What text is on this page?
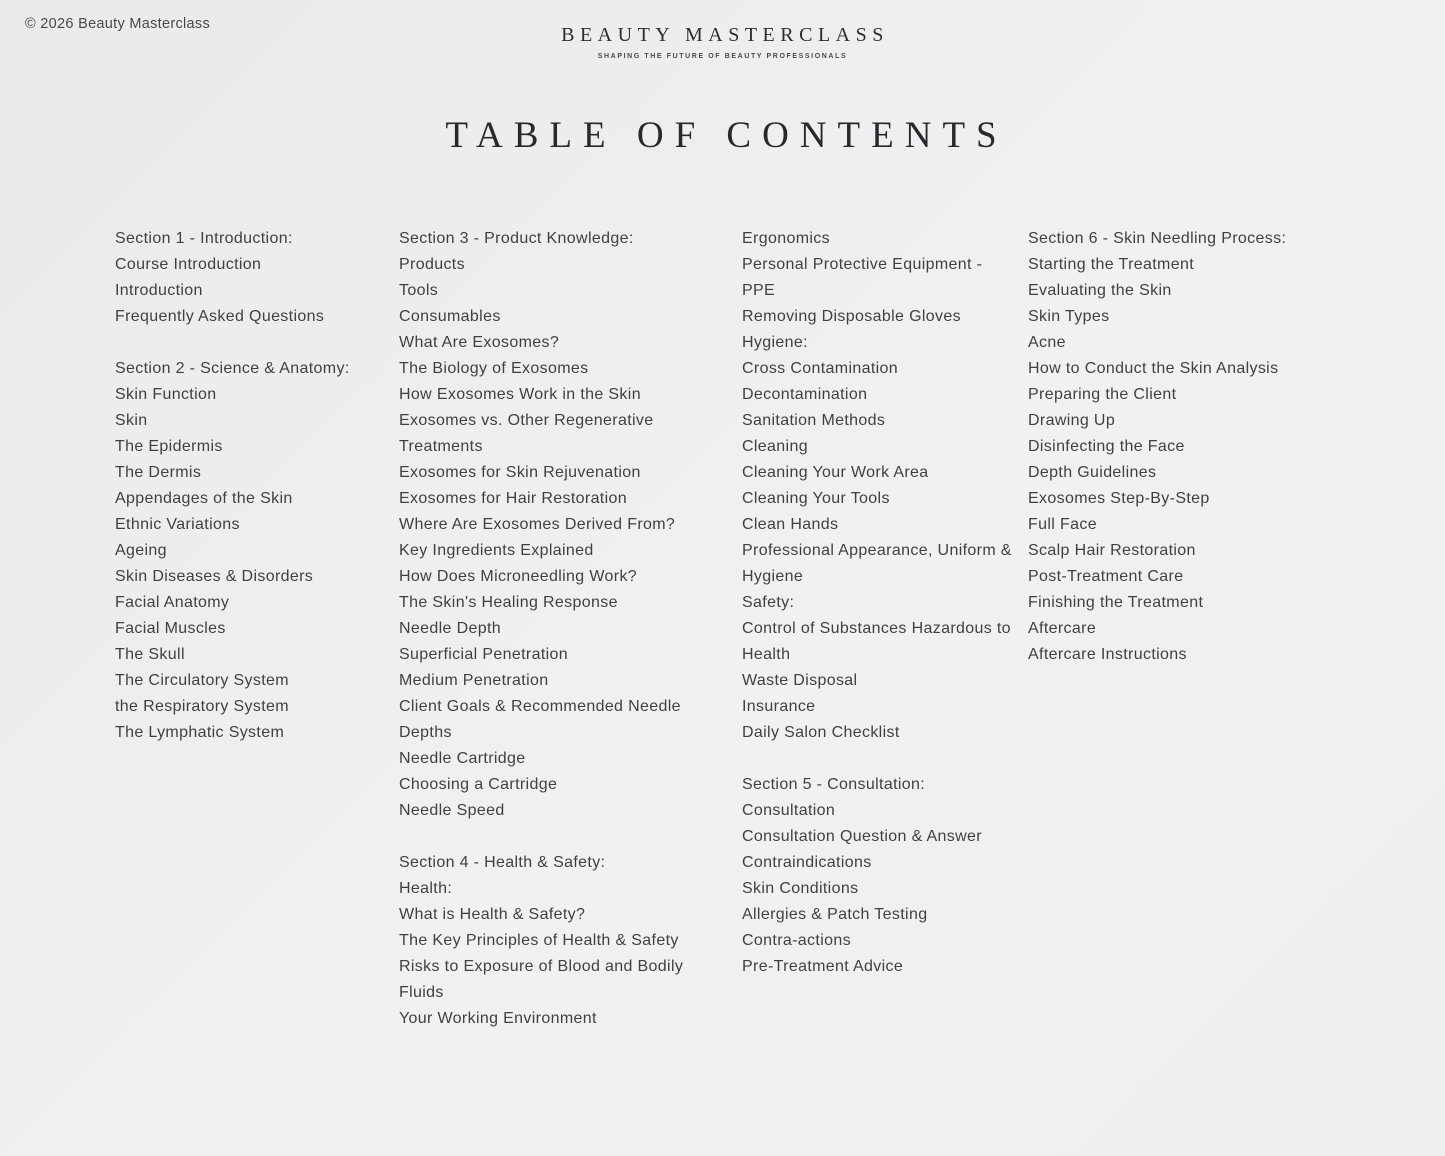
© 2026 Beauty Masterclass	BEAUTY MASTERCLASS
SHAPING THE FUTURE OF BEAUTY PROFESSIONALS
TABLE OF CONTENTS
Section 1 - Introduction:
Course Introduction
Introduction
Frequently Asked Questions
Section 2 - Science & Anatomy:
Skin Function
Skin
The Epidermis
The Dermis
Appendages of the Skin
Ethnic Variations
Ageing
Skin Diseases & Disorders
Facial Anatomy
Facial Muscles
The Skull
The Circulatory System
the Respiratory System
The Lymphatic System
Section 3 - Product Knowledge:
Products
Tools
Consumables
What Are Exosomes?
The Biology of Exosomes
How Exosomes Work in the Skin
Exosomes vs. Other Regenerative Treatments
Exosomes for Skin Rejuvenation
Exosomes for Hair Restoration
Where Are Exosomes Derived From?
Key Ingredients Explained
How Does Microneedling Work?
The Skin's Healing Response
Needle Depth
Superficial Penetration
Medium Penetration
Client Goals & Recommended Needle Depths
Needle Cartridge
Choosing a Cartridge
Needle Speed
Section 4 - Health & Safety:
Health:
What is Health & Safety?
The Key Principles of Health & Safety
Risks to Exposure of Blood and Bodily Fluids
Your Working Environment
Ergonomics
Personal Protective Equipment - PPE
Removing Disposable Gloves
Hygiene:
Cross Contamination
Decontamination
Sanitation Methods
Cleaning
Cleaning Your Work Area
Cleaning Your Tools
Clean Hands
Professional Appearance, Uniform & Hygiene
Safety:
Control of Substances Hazardous to Health
Waste Disposal
Insurance
Daily Salon Checklist
Section 5 - Consultation:
Consultation
Consultation Question & Answer
Contraindications
Skin Conditions
Allergies & Patch Testing
Contra-actions
Pre-Treatment Advice
Section 6 - Skin Needling Process:
Starting the Treatment
Evaluating the Skin
Skin Types
Acne
How to Conduct the Skin Analysis
Preparing the Client
Drawing Up
Disinfecting the Face
Depth Guidelines
Exosomes Step-By-Step
Full Face
Scalp Hair Restoration
Post-Treatment Care
Finishing the Treatment
Aftercare
Aftercare Instructions
